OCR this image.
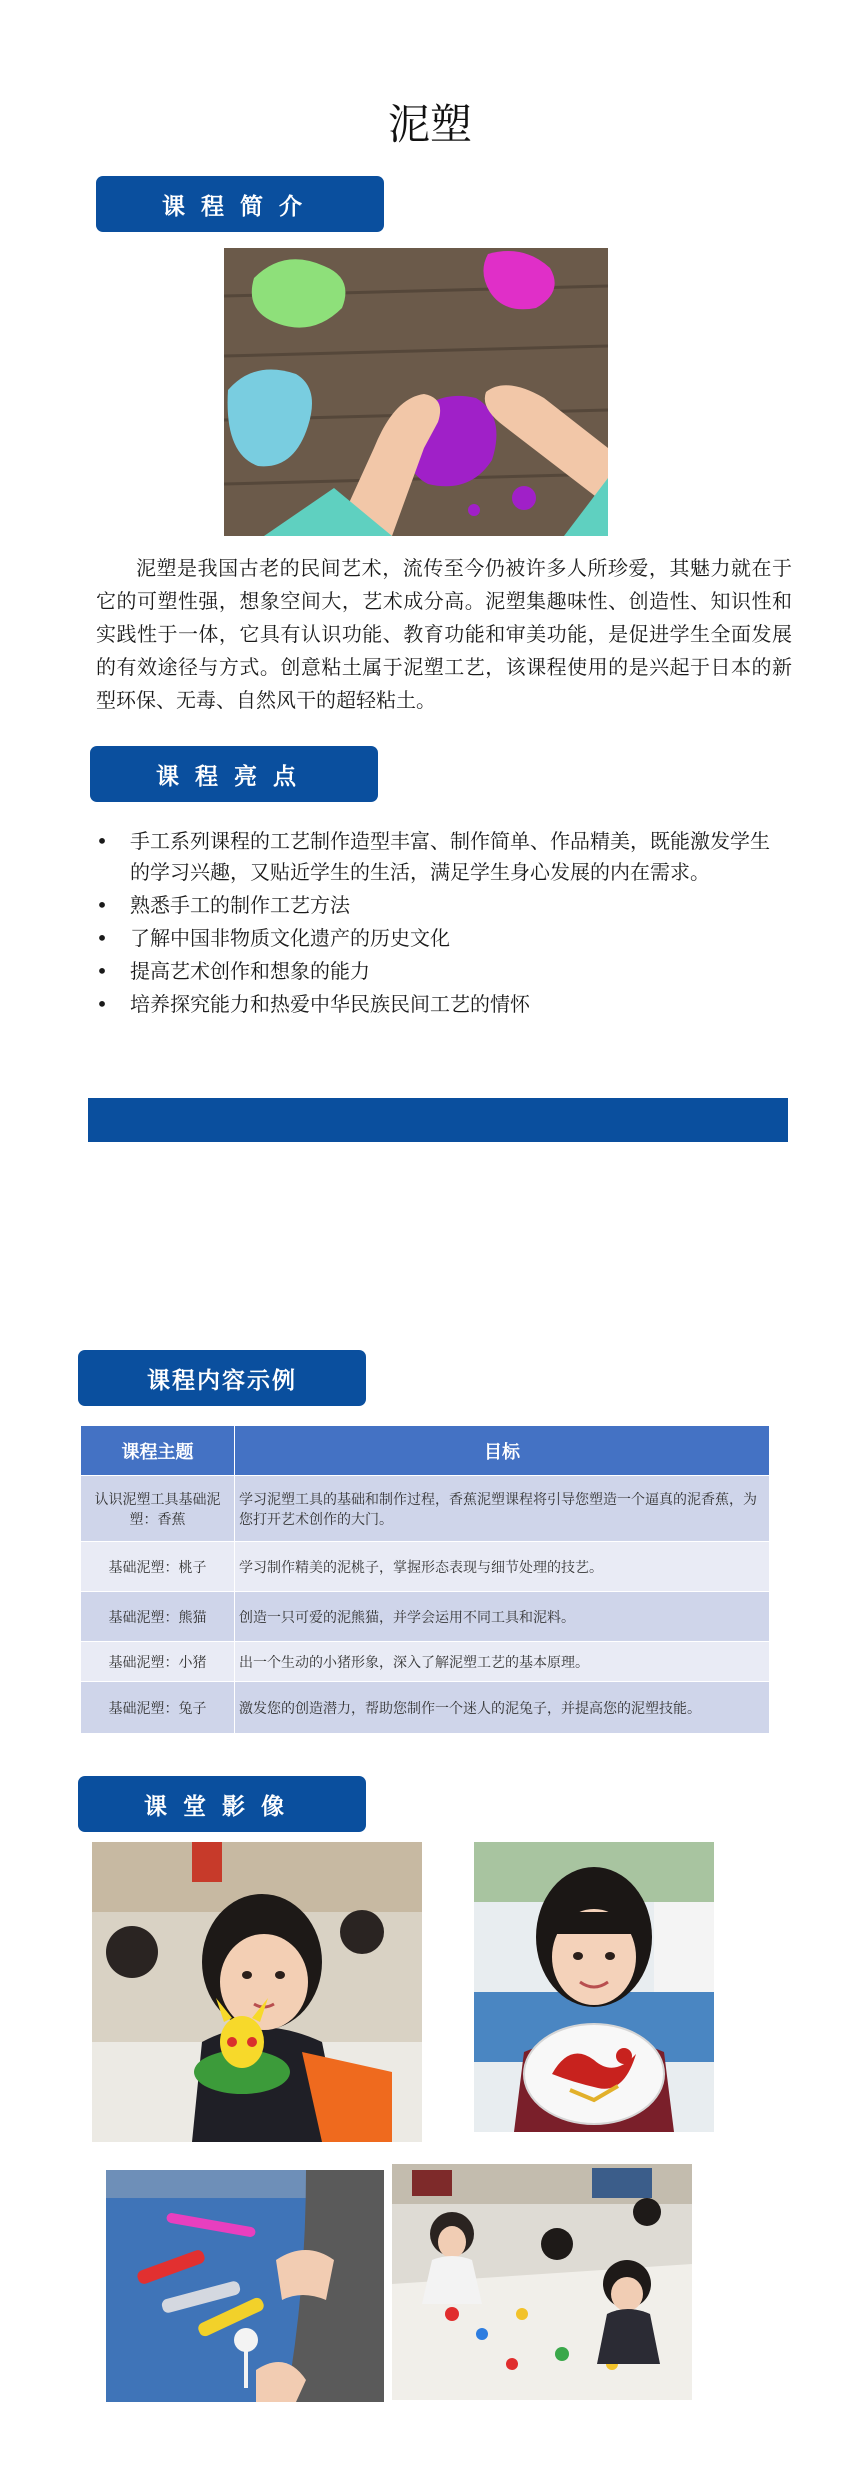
泥塑
课程简介

泥塑是我国古老的民间艺术，流传至今仍被许多人所珍爱，其魅力就在于它的可塑性强，想象空间大，艺术成分高。泥塑集趣味性、创造性、知识性和实践性于一体，它具有认识功能、教育功能和审美功能，是促进学生全面发展的有效途径与方式。创意粘土属于泥塑工艺，该课程使用的是兴起于日本的新型环保、无毒、自然风干的超轻粘土。

课程亮点
• 手工系列课程的工艺制作造型丰富、制作简单、作品精美，既能激发学生的学习兴趣，又贴近学生的生活，满足学生身心发展的内在需求。
• 熟悉手工的制作工艺方法
• 了解中国非物质文化遗产的历史文化
• 提高艺术创作和想象的能力
• 培养探究能力和热爱中华民族民间工艺的情怀
课程内容示例
课程主题	目标
认识泥塑工具基础泥塑：香蕉	学习泥塑工具的基础和制作过程，香蕉泥塑课程将引导您塑造一个逼真的泥香蕉，为您打开艺术创作的大门。
基础泥塑：桃子	学习制作精美的泥桃子，掌握形态表现与细节处理的技艺。
基础泥塑：熊猫	创造一只可爱的泥熊猫，并学会运用不同工具和泥料。
基础泥塑：小猪	出一个生动的小猪形象，深入了解泥塑工艺的基本原理。
基础泥塑：兔子	激发您的创造潜力，帮助您制作一个迷人的泥兔子，并提高您的泥塑技能。
课堂影像
